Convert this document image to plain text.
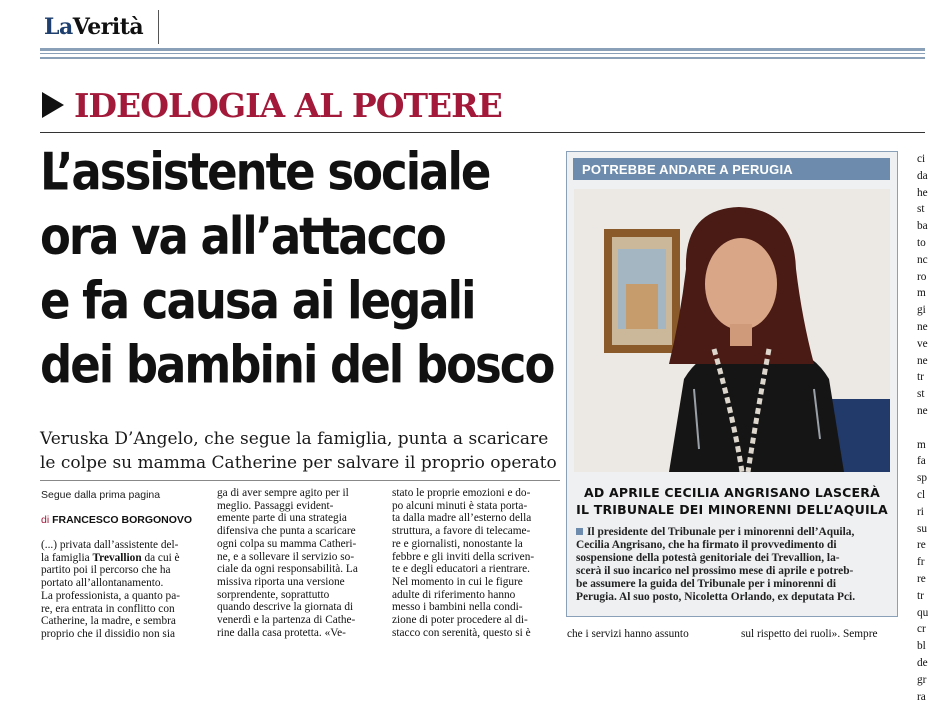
LaVerità
IDEOLOGIA AL POTERE
L’assistente sociale
ora va all’attacco
e fa causa ai legali
dei bambini del bosco
Veruska D’Angelo, che segue la famiglia, punta a scaricare
le colpe su mamma Catherine per salvare il proprio operato
Segue dalla prima pagina
di FRANCESCO BORGONOVO
(...) privata dall’assistente del-
la famiglia Trevallion da cui è
partito poi il percorso che ha
portato all’allontanamento.
La professionista, a quanto pa-
re, era entrata in conflitto con
Catherine, la madre, e sembra
proprio che il dissidio non sia
ga di aver sempre agito per il
meglio. Passaggi evident-
emente parte di una strategia
difensiva che punta a scaricare
ogni colpa su mamma Catheri-
ne, e a sollevare il servizio so-
ciale da ogni responsabilità. La
missiva riporta una versione
sorprendente, soprattutto
quando descrive la giornata di
venerdì e la partenza di Cathe-
rine dalla casa protetta. «Ve-
stato le proprie emozioni e do-
po alcuni minuti è stata porta-
ta dalla madre all’esterno della
struttura, a favore di telecame-
re e giornalisti, nonostante la
febbre e gli inviti della scriven-
te e degli educatori a rientrare.
Nel momento in cui le figure
adulte di riferimento hanno
messo i bambini nella condi-
zione di poter procedere al di-
stacco con serenità, questo si è
POTREBBE ANDARE A PERUGIA
AD APRILE CECILIA ANGRISANO LASCERÀ
IL TRIBUNALE DEI MINORENNI DELL’AQUILA
Il presidente del Tribunale per i minorenni dell’Aquila,
Cecilia Angrisano, che ha firmato il provvedimento di
sospensione della potestà genitoriale dei Trevallion, la-
scerà il suo incarico nel prossimo mese di aprile e potreb-
be assumere la guida del Tribunale per i minorenni di
Perugia. Al suo posto, Nicoletta Orlando, ex deputata Pci.
che i servizi hanno assunto	sul rispetto dei ruoli». Sempre
ci
da
he
st
ba
to
nc
ro
m
gi
ne
ve
ne
tr
st
ne

m
fa
sp
cl
ri
su
re
fr
re
tr
qu
cr
bl
de
gr
ra
